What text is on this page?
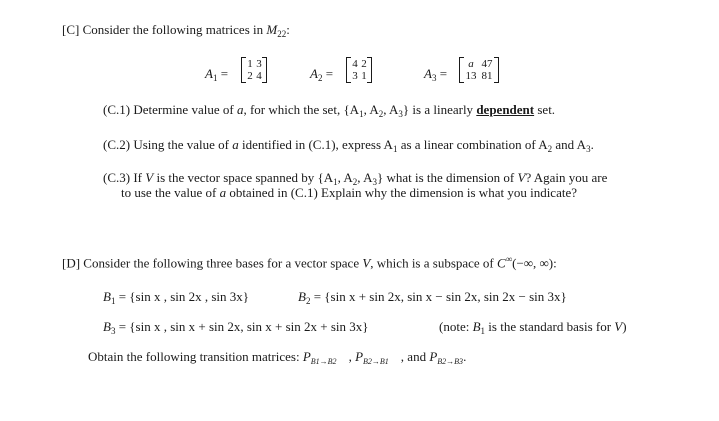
[C] Consider the following matrices in $M_{22}$:
$A_1$ =
1 3
2 4	$A_2$ =
4 2
3 1	$A_3$ =
a 47
13 81
(C.1) Determine value of a, for which the set, {$A_1$, $A_2$, $A_3$} is a linearly dependent set.
(C.2) Using the value of a identified in (C.1), express $A_1$ as a linear combination of $A_2$ and $A_3$.
(C.3) If V is the vector space spanned by {$A_1$, $A_2$, $A_3$} what is the dimension of V? Again you are
to use the value of a obtained in (C.1) Explain why the dimension is what you indicate?
[D] Consider the following three bases for a vector space V, which is a subspace of C∞(−∞, ∞):
$B_1 = \{\sin$ x , sin 2x , sin 3x}	$B_2 = \{\sin$ x + sin 2x, sin x − sin 2x, sin 2x − sin 3x}
$B_3 = \{\sin$ x , sin x + sin 2x, sin x + sin 2x + sin 3x}	(note: $B_1$ is the standard basis for V)
Obtain the following transition matrices: $P_{B1\to B2}$ , $P_{B2\to B1}$ , and $P_{B2\to B3}$.
